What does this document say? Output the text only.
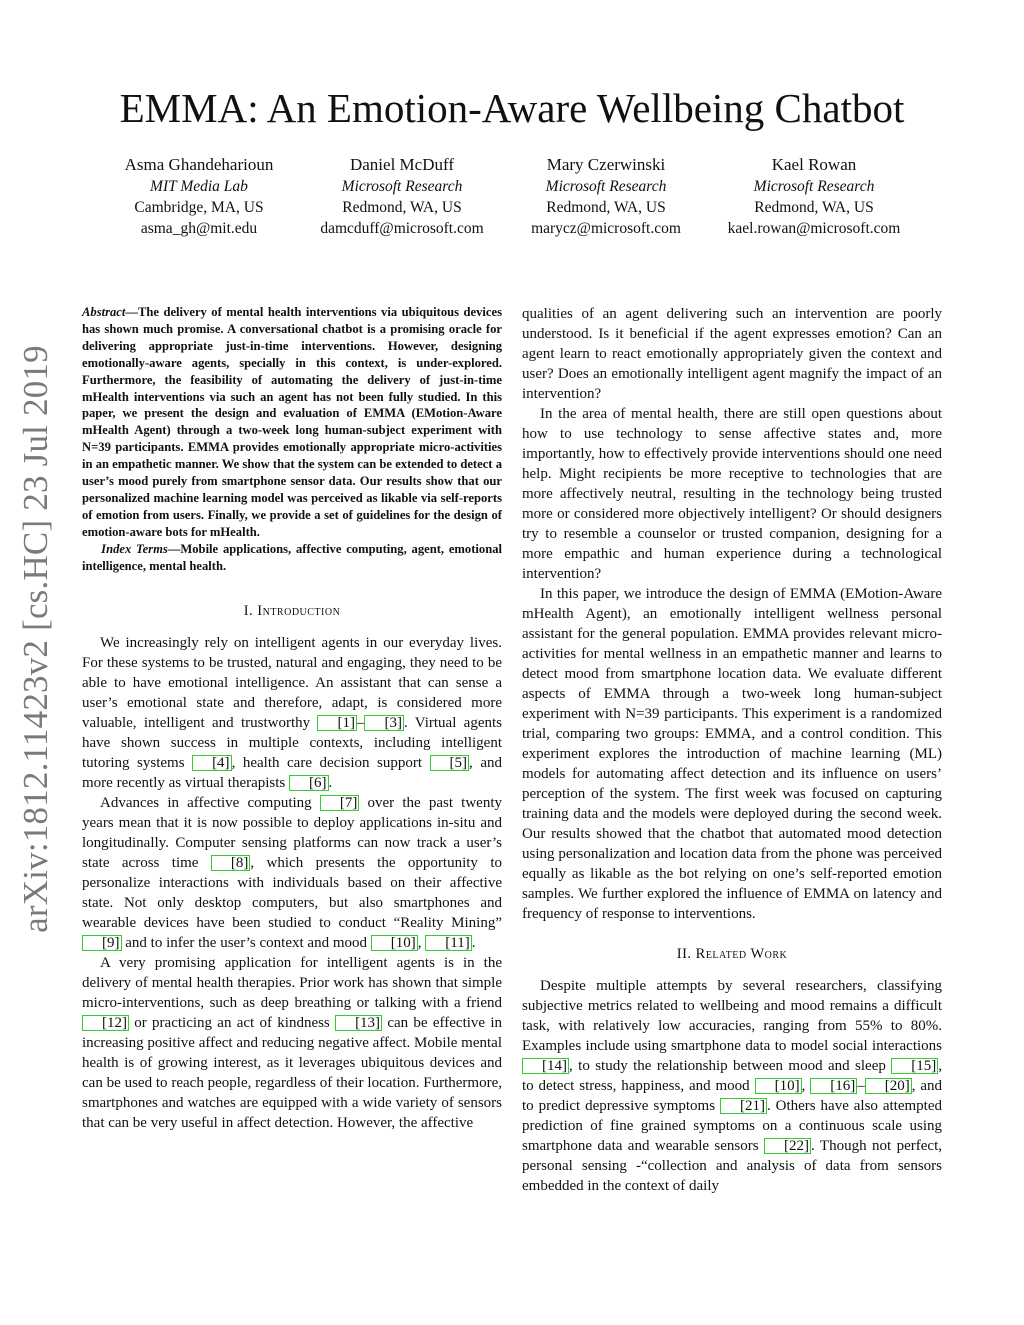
EMMA: An Emotion-Aware Wellbeing Chatbot
Asma Ghandeharioun
MIT Media Lab
Cambridge, MA, US
asma_gh@mit.edu
Daniel McDuff
Microsoft Research
Redmond, WA, US
damcduff@microsoft.com
Mary Czerwinski
Microsoft Research
Redmond, WA, US
marycz@microsoft.com
Kael Rowan
Microsoft Research
Redmond, WA, US
kael.rowan@microsoft.com
arXiv:1812.11423v2 [cs.HC] 23 Jul 2019

Abstract—The delivery of mental health interventions via ubiquitous devices has shown much promise. A conversational chatbot is a promising oracle for delivering appropriate just-in-time interventions. However, designing emotionally-aware agents, specially in this context, is under-explored. Furthermore, the feasibility of automating the delivery of just-in-time mHealth interventions via such an agent has not been fully studied. In this paper, we present the design and evaluation of EMMA (EMotion-Aware mHealth Agent) through a two-week long human-subject experiment with N=39 participants. EMMA provides emotionally appropriate micro-activities in an empathetic manner. We show that the system can be extended to detect a user’s mood purely from smartphone sensor data. Our results show that our personalized machine learning model was perceived as likable via self-reports of emotion from users. Finally, we provide a set of guidelines for the design of emotion-aware bots for mHealth.

Index Terms—Mobile applications, affective computing, agent, emotional intelligence, mental health.

I. Introduction

We increasingly rely on intelligent agents in our everyday lives. For these systems to be trusted, natural and engaging, they need to be able to have emotional intelligence. An assistant that can sense a user’s emotional state and therefore, adapt, is considered more valuable, intelligent and trustworthy [1] – [3] . Virtual agents have shown success in multiple contexts, including intelligent tutoring systems [4] , health care decision support [5] , and more recently as virtual therapists [6] .

Advances in affective computing [7] over the past twenty years mean that it is now possible to deploy applications in-situ and longitudinally. Computer sensing platforms can now track a user’s state across time [8] , which presents the opportunity to personalize interactions with individuals based on their affective state. Not only desktop computers, but also smartphones and wearable devices have been studied to conduct “Reality Mining” [9] and to infer the user’s context and mood [10] , [11] .

A very promising application for intelligent agents is in the delivery of mental health therapies. Prior work has shown that simple micro-interventions, such as deep breathing or talking with a friend [12] or practicing an act of kindness [13] can be effective in increasing positive affect and reducing negative affect. Mobile mental health is of growing interest, as it leverages ubiquitous devices and can be used to reach people, regardless of their location. Furthermore, smartphones and watches are equipped with a wide variety of sensors that can be very useful in affect detection. However, the affective

qualities of an agent delivering such an intervention are poorly understood. Is it beneficial if the agent expresses emotion? Can an agent learn to react emotionally appropriately given the context and user? Does an emotionally intelligent agent magnify the impact of an intervention?

In the area of mental health, there are still open questions about how to use technology to sense affective states and, more importantly, how to effectively provide interventions should one need help. Might recipients be more receptive to technologies that are more affectively neutral, resulting in the technology being trusted more or considered more objectively intelligent? Or should designers try to resemble a counselor or trusted companion, designing for a more empathic and human experience during a technological intervention?

In this paper, we introduce the design of EMMA (EMotion-Aware mHealth Agent), an emotionally intelligent wellness personal assistant for the general population. EMMA provides relevant micro-activities for mental wellness in an empathetic manner and learns to detect mood from smartphone location data. We evaluate different aspects of EMMA through a two-week long human-subject experiment with N=39 participants. This experiment is a randomized trial, comparing two groups: EMMA, and a control condition. This experiment explores the introduction of machine learning (ML) models for automating affect detection and its influence on users’ perception of the system. The first week was focused on capturing training data and the models were deployed during the second week. Our results showed that the chatbot that automated mood detection using personalization and location data from the phone was perceived equally as likable as the bot relying on one’s self-reported emotion samples. We further explored the influence of EMMA on latency and frequency of response to interventions.

II. Related Work

Despite multiple attempts by several researchers, classifying subjective metrics related to wellbeing and mood remains a difficult task, with relatively low accuracies, ranging from 55% to 80%. Examples include using smartphone data to model social interactions [14] , to study the relationship between mood and sleep [15] , to detect stress, happiness, and mood [10] , [16] – [20] , and to predict depressive symptoms [21] . Others have also attempted prediction of fine grained symptoms on a continuous scale using smartphone data and wearable sensors [22] . Though not perfect, personal sensing -“collection and analysis of data from sensors embedded in the context of daily
